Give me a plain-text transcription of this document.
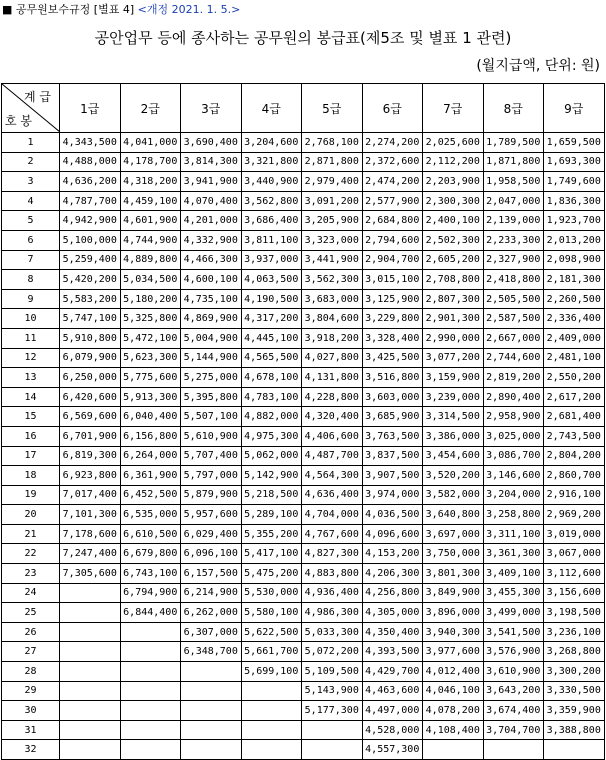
■ 공무원보수규정 [별표 4] <개정 2021. 1. 5.>
공안업무 등에 종사하는 공무원의 봉급표(제5조 및 별표 1 관련)
(월지급액, 단위: 원)
계 급
호 봉	1급	2급	3급	4급	5급	6급	7급	8급	9급
1	4,343,500	4,041,000	3,690,400	3,204,600	2,768,100	2,274,200	2,025,600	1,789,500	1,659,500
2	4,488,000	4,178,700	3,814,300	3,321,800	2,871,800	2,372,600	2,112,200	1,871,800	1,693,300
3	4,636,200	4,318,200	3,941,900	3,440,900	2,979,400	2,474,200	2,203,900	1,958,500	1,749,600
4	4,787,700	4,459,100	4,070,400	3,562,800	3,091,200	2,577,900	2,300,300	2,047,000	1,836,300
5	4,942,900	4,601,900	4,201,000	3,686,400	3,205,900	2,684,800	2,400,100	2,139,000	1,923,700
6	5,100,000	4,744,900	4,332,900	3,811,100	3,323,000	2,794,600	2,502,300	2,233,300	2,013,200
7	5,259,400	4,889,800	4,466,300	3,937,000	3,441,900	2,904,700	2,605,200	2,327,900	2,098,900
8	5,420,200	5,034,500	4,600,100	4,063,500	3,562,300	3,015,100	2,708,800	2,418,800	2,181,300
9	5,583,200	5,180,200	4,735,100	4,190,500	3,683,000	3,125,900	2,807,300	2,505,500	2,260,500
10	5,747,100	5,325,800	4,869,900	4,317,200	3,804,600	3,229,800	2,901,300	2,587,500	2,336,400
11	5,910,800	5,472,100	5,004,900	4,445,100	3,918,200	3,328,400	2,990,000	2,667,000	2,409,000
12	6,079,900	5,623,300	5,144,900	4,565,500	4,027,800	3,425,500	3,077,200	2,744,600	2,481,100
13	6,250,000	5,775,600	5,275,000	4,678,100	4,131,800	3,516,800	3,159,900	2,819,200	2,550,200
14	6,420,600	5,913,300	5,395,800	4,783,100	4,228,800	3,603,000	3,239,000	2,890,400	2,617,200
15	6,569,600	6,040,400	5,507,100	4,882,000	4,320,400	3,685,900	3,314,500	2,958,900	2,681,400
16	6,701,900	6,156,800	5,610,900	4,975,300	4,406,600	3,763,500	3,386,000	3,025,000	2,743,500
17	6,819,300	6,264,000	5,707,400	5,062,000	4,487,700	3,837,500	3,454,600	3,086,700	2,804,200
18	6,923,800	6,361,900	5,797,000	5,142,900	4,564,300	3,907,500	3,520,200	3,146,600	2,860,700
19	7,017,400	6,452,500	5,879,900	5,218,500	4,636,400	3,974,000	3,582,000	3,204,000	2,916,100
20	7,101,300	6,535,000	5,957,600	5,289,100	4,704,000	4,036,500	3,640,800	3,258,800	2,969,200
21	7,178,600	6,610,500	6,029,400	5,355,200	4,767,600	4,096,600	3,697,000	3,311,100	3,019,000
22	7,247,400	6,679,800	6,096,100	5,417,100	4,827,300	4,153,200	3,750,000	3,361,300	3,067,000
23	7,305,600	6,743,100	6,157,500	5,475,200	4,883,800	4,206,300	3,801,300	3,409,100	3,112,600
24		6,794,900	6,214,900	5,530,000	4,936,400	4,256,800	3,849,900	3,455,300	3,156,600
25		6,844,400	6,262,000	5,580,100	4,986,300	4,305,000	3,896,000	3,499,000	3,198,500
26			6,307,000	5,622,500	5,033,300	4,350,400	3,940,300	3,541,500	3,236,100
27			6,348,700	5,661,700	5,072,200	4,393,500	3,977,600	3,576,900	3,268,800
28				5,699,100	5,109,500	4,429,700	4,012,400	3,610,900	3,300,200
29					5,143,900	4,463,600	4,046,100	3,643,200	3,330,500
30					5,177,300	4,497,000	4,078,200	3,674,400	3,359,900
31						4,528,000	4,108,400	3,704,700	3,388,800
32						4,557,300			
